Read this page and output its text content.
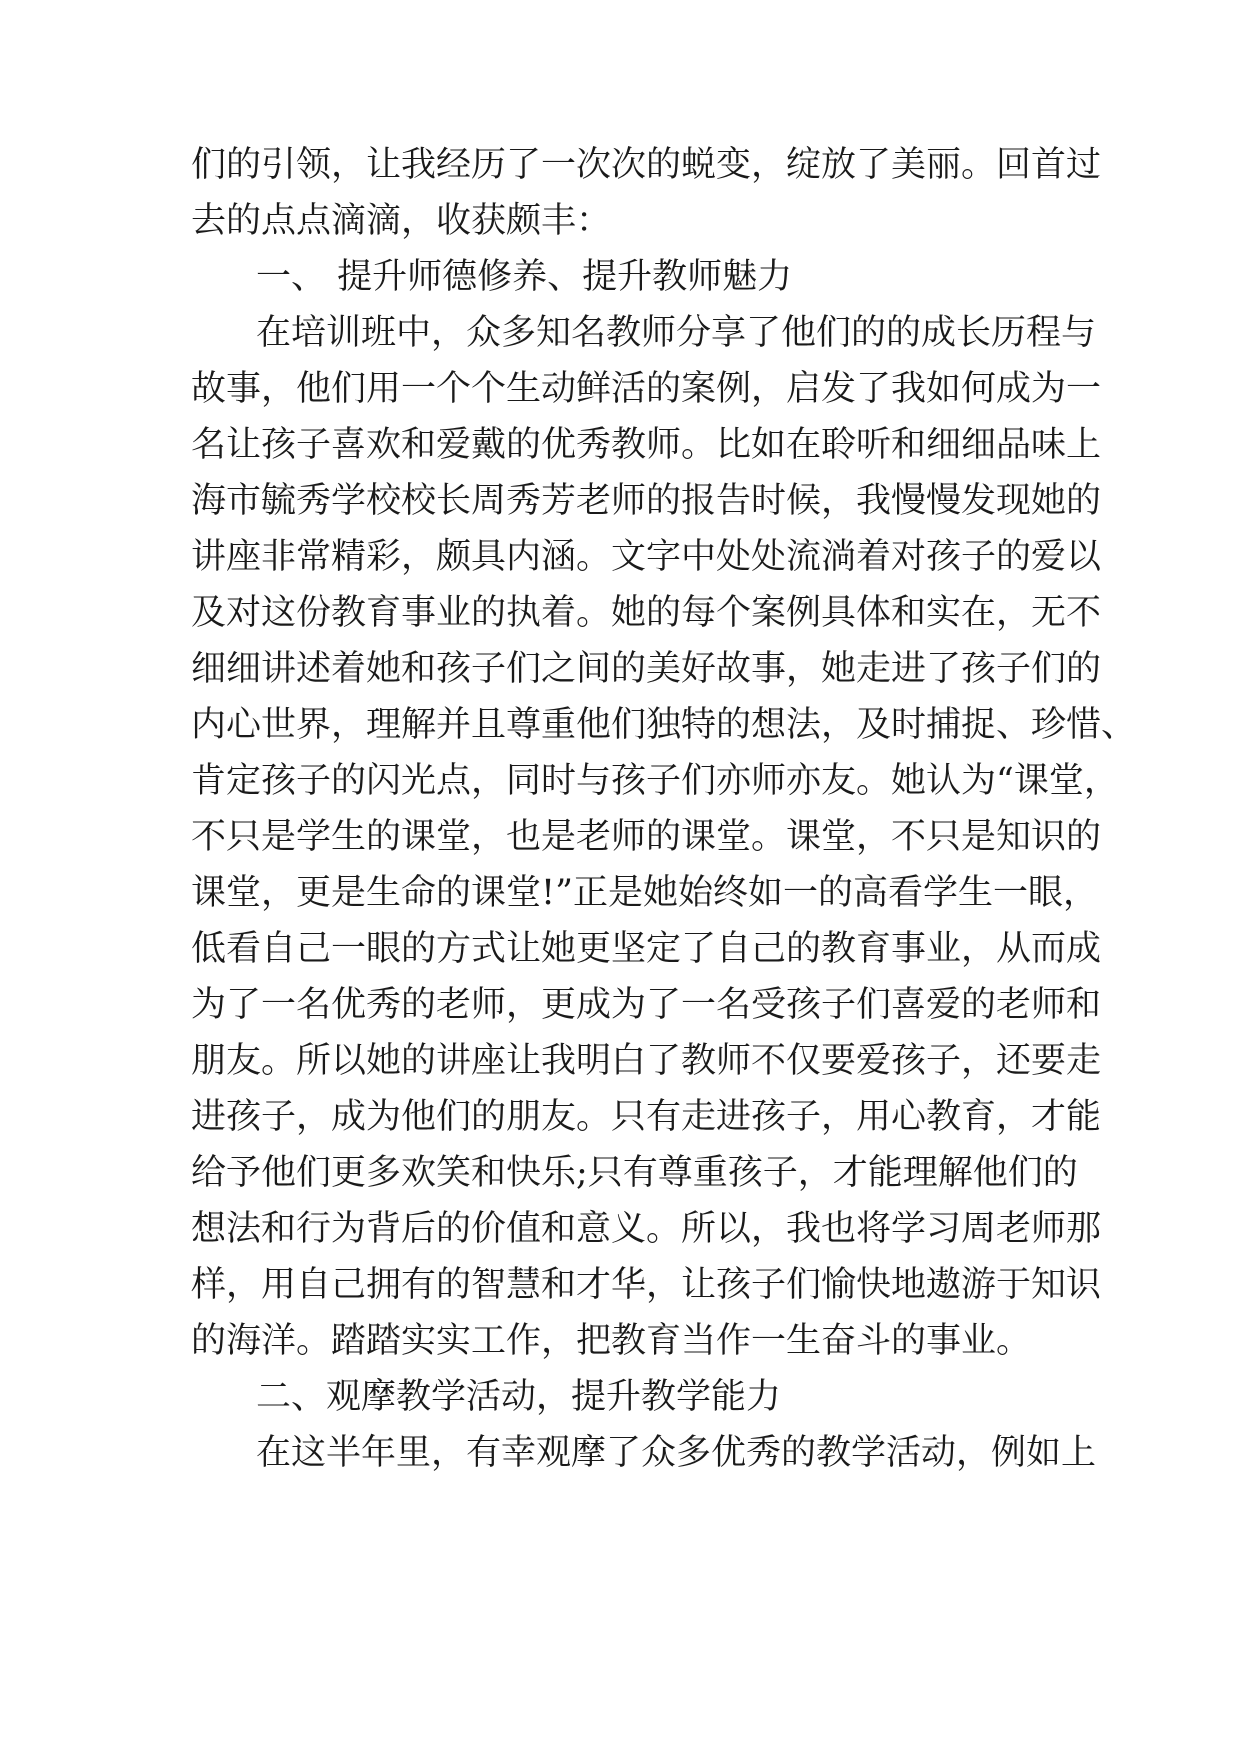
们的引领，让我经历了一次次的蜕变，绽放了美丽。回首过
去的点点滴滴，收获颇丰：
一、 提升师德修养、提升教师魅力
在培训班中，众多知名教师分享了他们的的成长历程与
故事，他们用一个个生动鲜活的案例，启发了我如何成为一
名让孩子喜欢和爱戴的优秀教师。比如在聆听和细细品味上
海市毓秀学校校长周秀芳老师的报告时候，我慢慢发现她的
讲座非常精彩，颇具内涵。文字中处处流淌着对孩子的爱以
及对这份教育事业的执着。她的每个案例具体和实在，无不
细细讲述着她和孩子们之间的美好故事，她走进了孩子们的
内心世界，理解并且尊重他们独特的想法，及时捕捉、珍惜、
肯定孩子的闪光点，同时与孩子们亦师亦友。她认为“课堂，
不只是学生的课堂，也是老师的课堂。课堂，不只是知识的
课堂，更是生命的课堂!”正是她始终如一的高看学生一眼，
低看自己一眼的方式让她更坚定了自己的教育事业，从而成
为了一名优秀的老师，更成为了一名受孩子们喜爱的老师和
朋友。所以她的讲座让我明白了教师不仅要爱孩子，还要走
进孩子，成为他们的朋友。只有走进孩子，用心教育，才能
给予他们更多欢笑和快乐;只有尊重孩子，才能理解他们的
想法和行为背后的价值和意义。所以，我也将学习周老师那
样，用自己拥有的智慧和才华，让孩子们愉快地遨游于知识
的海洋。踏踏实实工作，把教育当作一生奋斗的事业。
二、观摩教学活动，提升教学能力
在这半年里，有幸观摩了众多优秀的教学活动，例如上
